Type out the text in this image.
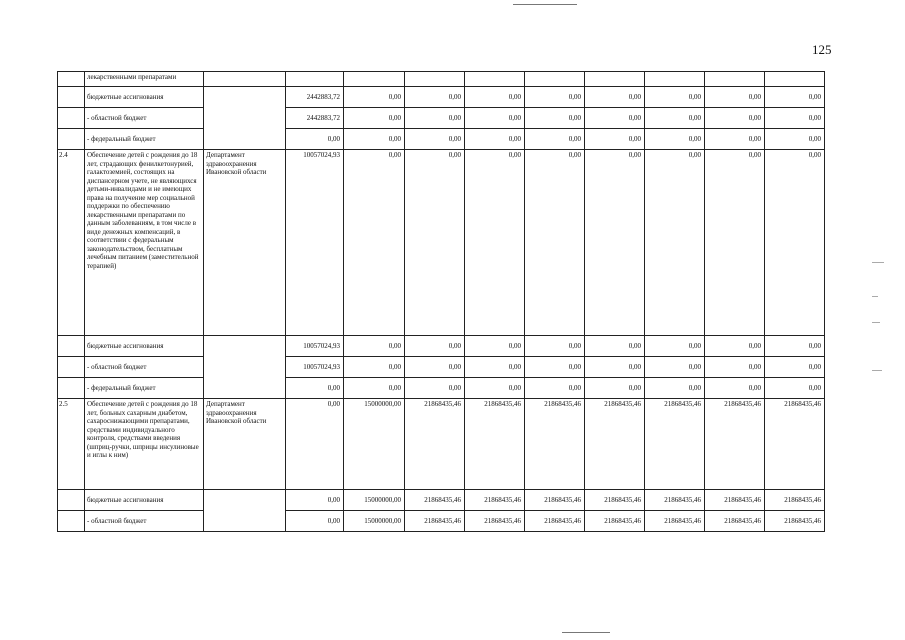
125
	лекарственными препаратами										
	бюджетные ассигнования		2442883,72	0,00	0,00	0,00	0,00	0,00	0,00	0,00	0,00
	- областной бюджет		2442883,72	0,00	0,00	0,00	0,00	0,00	0,00	0,00	0,00
	- федеральный бюджет		0,00	0,00	0,00	0,00	0,00	0,00	0,00	0,00	0,00
2.4	Обеспечение детей с рождения до 18 лет, страдающих фенилкетонурией, галактоземией, состоящих на диспансерном учете, не являющихся детьми-инвалидами и не имеющих права на получение мер социальной поддержки по обеспечению лекарственными препаратами по данным заболеваниям, в том числе в виде денежных компенсаций, в соответствии с федеральным законодательством, бесплатным лечебным питанием (заместительной терапией)	Департамент здравоохранения Ивановской области	10057024,93	0,00	0,00	0,00	0,00	0,00	0,00	0,00	0,00
	бюджетные ассигнования		10057024,93	0,00	0,00	0,00	0,00	0,00	0,00	0,00	0,00
	- областной бюджет		10057024,93	0,00	0,00	0,00	0,00	0,00	0,00	0,00	0,00
	- федеральный бюджет		0,00	0,00	0,00	0,00	0,00	0,00	0,00	0,00	0,00
2.5	Обеспечение детей с рождения до 18 лет, больных сахарным диабетом, сахароснижающими препаратами, средствами индивидуального контроля, средствами введения (шприц-ручки, шприцы инсулиновые и иглы к ним)	Департамент здравоохранения Ивановской области	0,00	15000000,00	21868435,46	21868435,46	21868435,46	21868435,46	21868435,46	21868435,46	21868435,46
	бюджетные ассигнования		0,00	15000000,00	21868435,46	21868435,46	21868435,46	21868435,46	21868435,46	21868435,46	21868435,46
	- областной бюджет		0,00	15000000,00	21868435,46	21868435,46	21868435,46	21868435,46	21868435,46	21868435,46	21868435,46
